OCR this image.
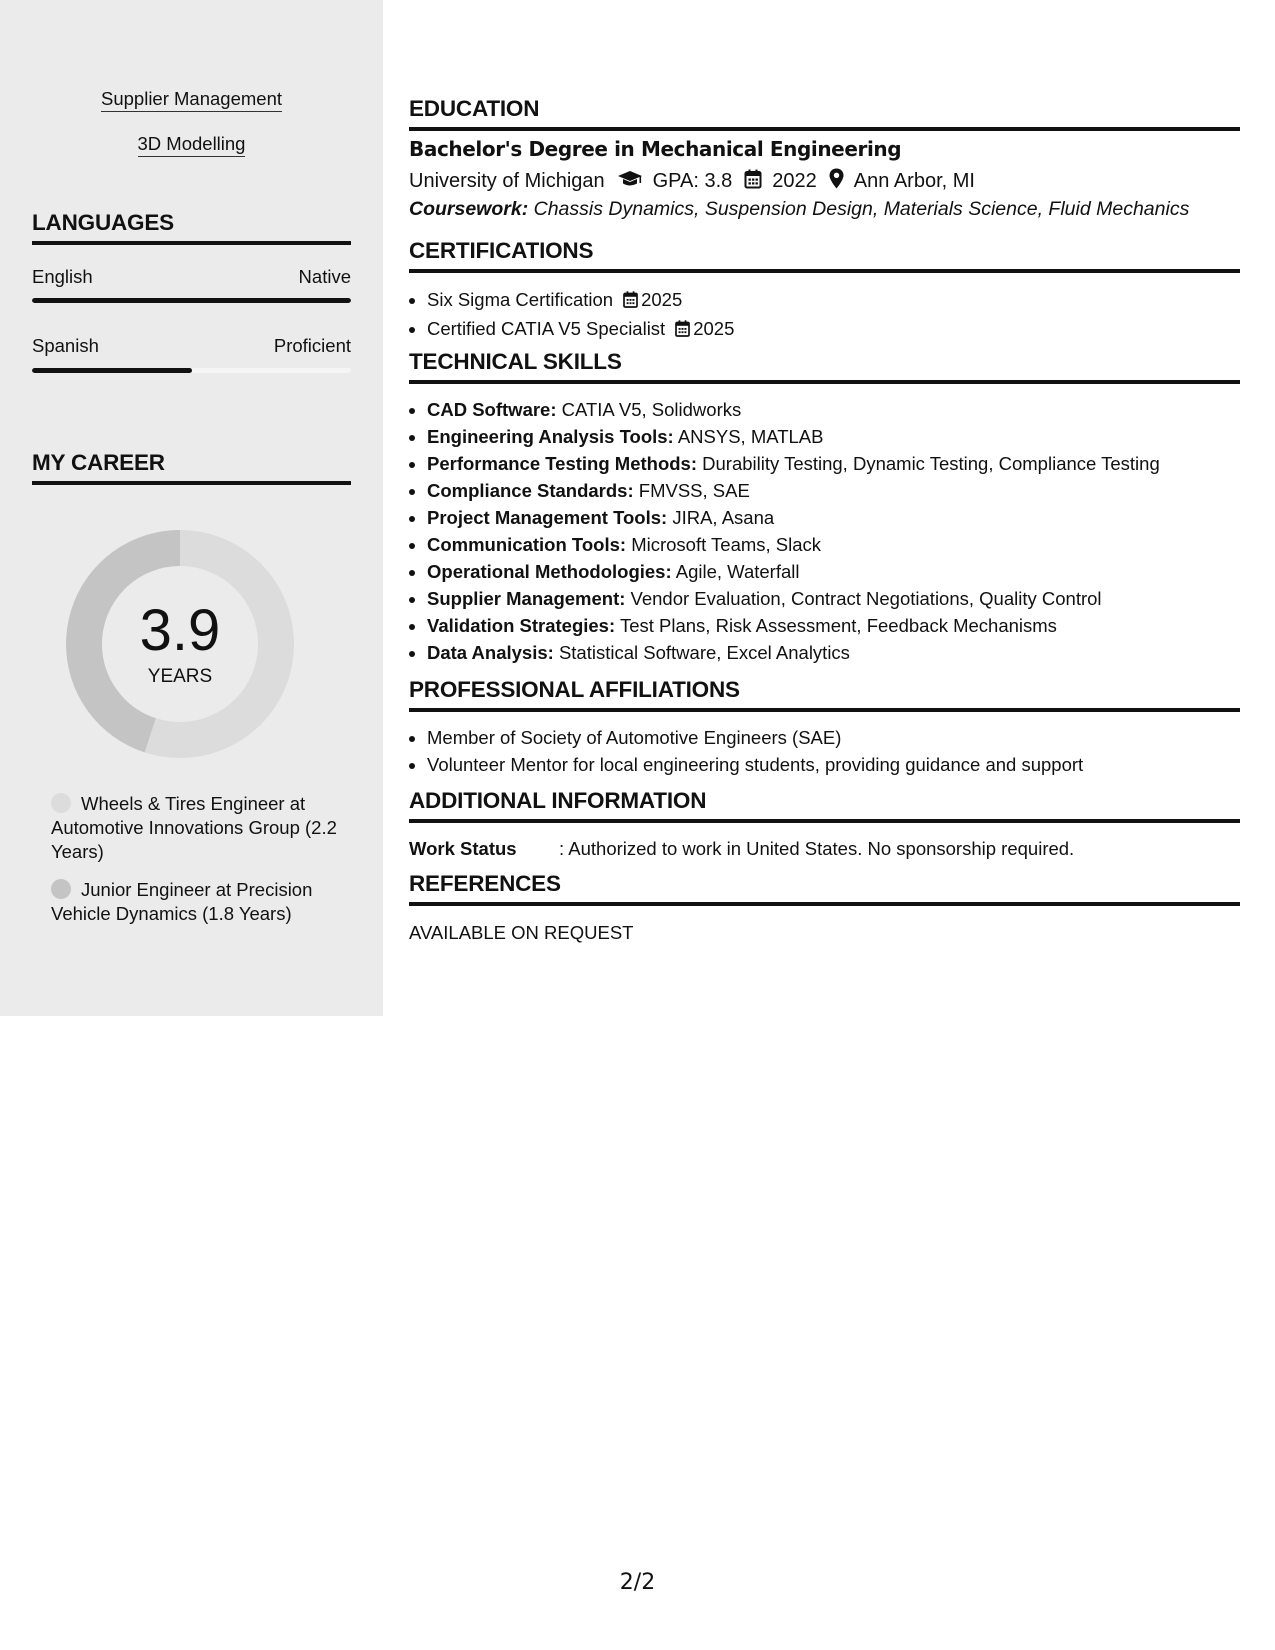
Supplier Management
3D Modelling
LANGUAGES
English	Native
Spanish	Proficient
MY CAREER
3.9
YEARS
Wheels & Tires Engineer at Automotive Innovations Group (2.2 Years)
Junior Engineer at Precision Vehicle Dynamics (1.8 Years)
EDUCATION
Bachelor's Degree in Mechanical Engineering
University of Michigan GPA: 3.8 2022 Ann Arbor, MI
Coursework: Chassis Dynamics, Suspension Design, Materials Science, Fluid Mechanics
CERTIFICATIONS
• Six Sigma Certification 2025
• Certified CATIA V5 Specialist 2025
TECHNICAL SKILLS
• CAD Software: CATIA V5, Solidworks
• Engineering Analysis Tools: ANSYS, MATLAB
• Performance Testing Methods: Durability Testing, Dynamic Testing, Compliance Testing
• Compliance Standards: FMVSS, SAE
• Project Management Tools: JIRA, Asana
• Communication Tools: Microsoft Teams, Slack
• Operational Methodologies: Agile, Waterfall
• Supplier Management: Vendor Evaluation, Contract Negotiations, Quality Control
• Validation Strategies: Test Plans, Risk Assessment, Feedback Mechanisms
• Data Analysis: Statistical Software, Excel Analytics
PROFESSIONAL AFFILIATIONS
• Member of Society of Automotive Engineers (SAE)
• Volunteer Mentor for local engineering students, providing guidance and support
ADDITIONAL INFORMATION
Work Status : Authorized to work in United States. No sponsorship required.
REFERENCES
AVAILABLE ON REQUEST
2/2
